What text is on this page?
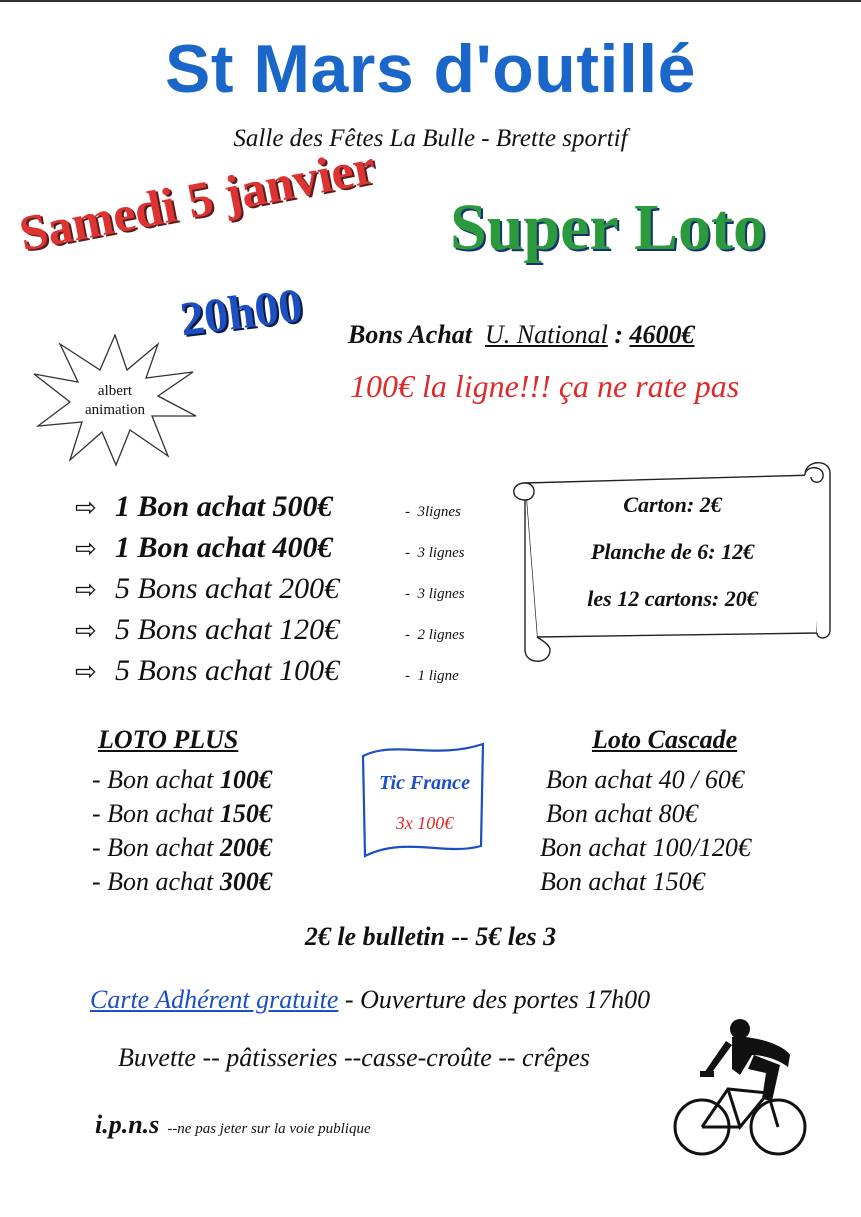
St Mars d'outillé
Salle des Fêtes La Bulle - Brette sportif
Samedi 5 janvier Super Loto
20h00
albert
animation
Bons Achat U. National : 4600€
100€ la ligne!!! ça ne rate pas
⇨ 1 Bon achat 500€	- 3lignes
⇨ 1 Bon achat 400€	- 3 lignes
⇨ 5 Bons achat 200€	- 3 lignes
⇨ 5 Bons achat 120€	- 2 lignes
⇨ 5 Bons achat 100€	- 1 ligne
Carton: 2€
Planche de 6: 12€
les 12 cartons: 20€
LOTO PLUS
- Bon achat 100€
- Bon achat 150€
- Bon achat 200€
- Bon achat 300€
Tic France
3x 100€
Loto Cascade
Bon achat 40 / 60€
Bon achat 80€
Bon achat 100/120€
Bon achat 150€
2€ le bulletin -- 5€ les 3
Carte Adhérent gratuite - Ouverture des portes 17h00
Buvette -- pâtisseries --casse-croûte -- crêpes
i.p.n.s --ne pas jeter sur la voie publique
